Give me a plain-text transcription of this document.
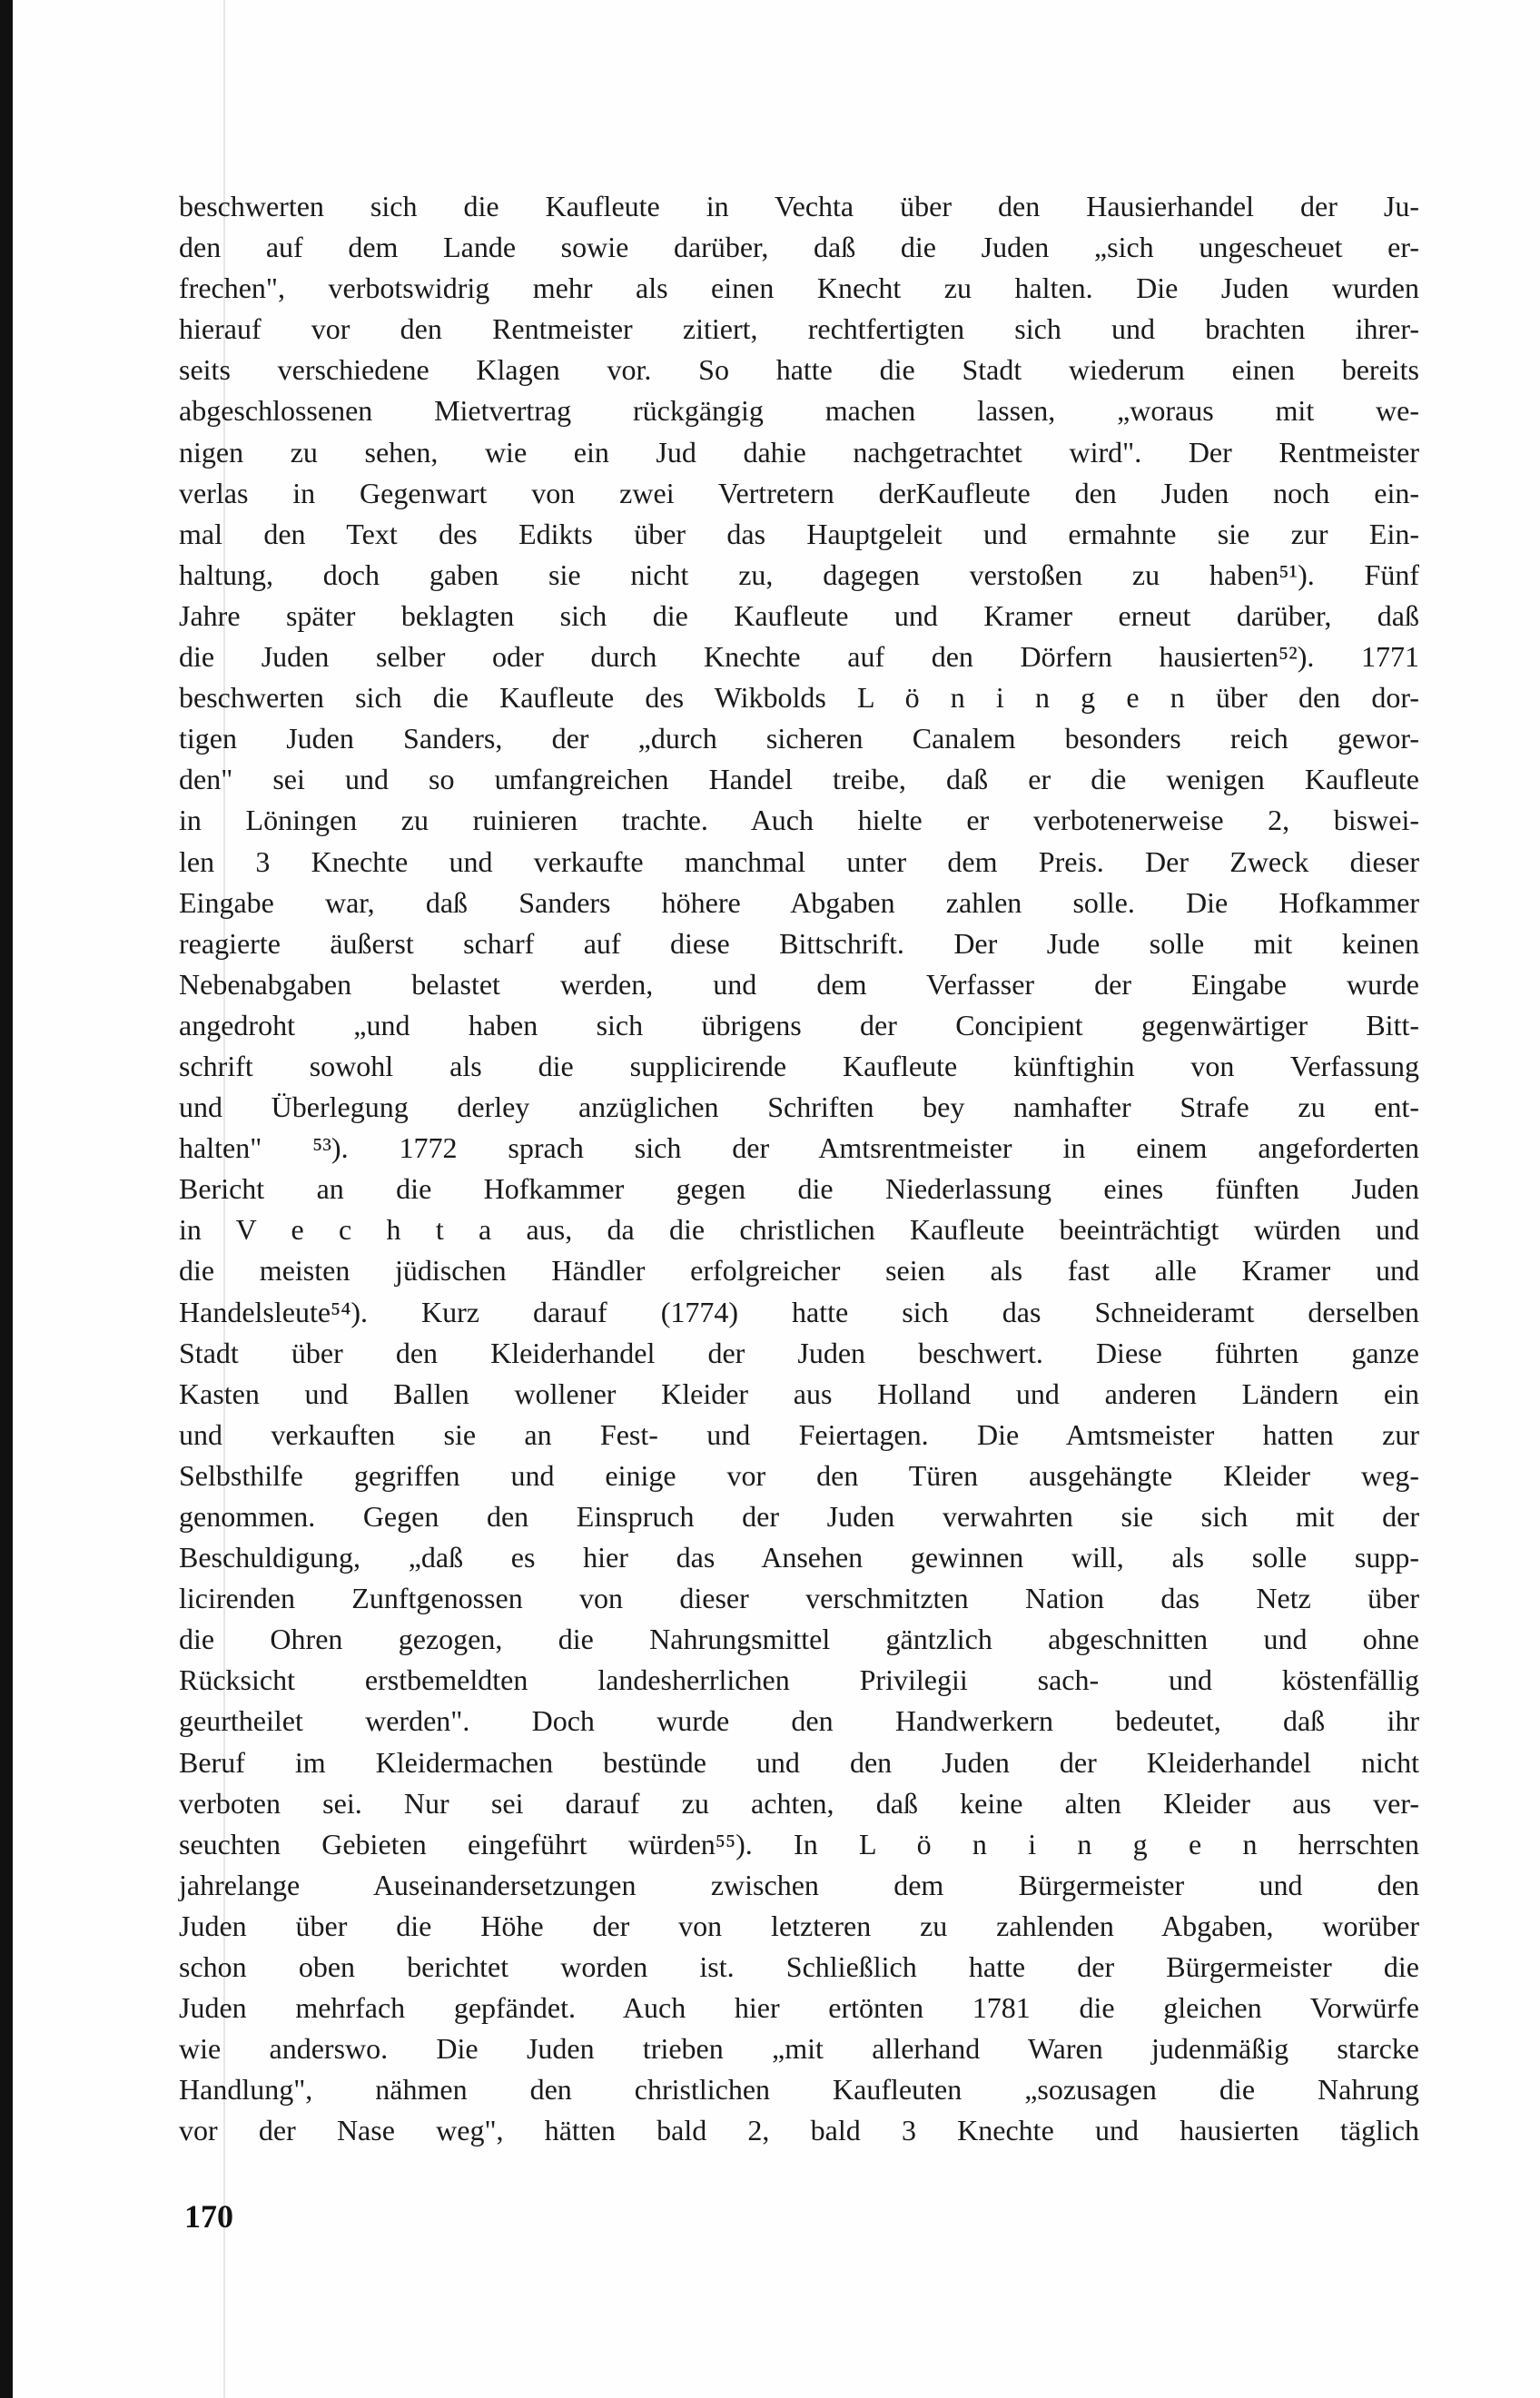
beschwerten sich die Kaufleute in Vechta über den Hausierhandel der Ju-
den auf dem Lande sowie darüber, daß die Juden „sich ungescheuet er-
frechen", verbotswidrig mehr als einen Knecht zu halten. Die Juden wurden
hierauf vor den Rentmeister zitiert, rechtfertigten sich und brachten ihrer-
seits verschiedene Klagen vor. So hatte die Stadt wiederum einen bereits
abgeschlossenen Mietvertrag rückgängig machen lassen, „woraus mit we-
nigen zu sehen, wie ein Jud dahie nachgetrachtet wird". Der Rentmeister
verlas in Gegenwart von zwei Vertretern derKaufleute den Juden noch ein-
mal den Text des Edikts über das Hauptgeleit und ermahnte sie zur Ein-
haltung, doch gaben sie nicht zu, dagegen verstoßen zu haben⁵¹). Fünf
Jahre später beklagten sich die Kaufleute und Kramer erneut darüber, daß
die Juden selber oder durch Knechte auf den Dörfern hausierten⁵²). 1771
beschwerten sich die Kaufleute des Wikbolds L ö n i n g e n über den dor-
tigen Juden Sanders, der „durch sicheren Canalem besonders reich gewor-
den" sei und so umfangreichen Handel treibe, daß er die wenigen Kaufleute
in Löningen zu ruinieren trachte. Auch hielte er verbotenerweise 2, biswei-
len 3 Knechte und verkaufte manchmal unter dem Preis. Der Zweck dieser
Eingabe war, daß Sanders höhere Abgaben zahlen solle. Die Hofkammer
reagierte äußerst scharf auf diese Bittschrift. Der Jude solle mit keinen
Nebenabgaben belastet werden, und dem Verfasser der Eingabe wurde
angedroht „und haben sich übrigens der Concipient gegenwärtiger Bitt-
schrift sowohl als die supplicirende Kaufleute künftighin von Verfassung
und Überlegung derley anzüglichen Schriften bey namhafter Strafe zu ent-
halten" ⁵³). 1772 sprach sich der Amtsrentmeister in einem angeforderten
Bericht an die Hofkammer gegen die Niederlassung eines fünften Juden
in V e c h t a aus, da die christlichen Kaufleute beeinträchtigt würden und
die meisten jüdischen Händler erfolgreicher seien als fast alle Kramer und
Handelsleute⁵⁴). Kurz darauf (1774) hatte sich das Schneideramt derselben
Stadt über den Kleiderhandel der Juden beschwert. Diese führten ganze
Kasten und Ballen wollener Kleider aus Holland und anderen Ländern ein
und verkauften sie an Fest- und Feiertagen. Die Amtsmeister hatten zur
Selbsthilfe gegriffen und einige vor den Türen ausgehängte Kleider weg-
genommen. Gegen den Einspruch der Juden verwahrten sie sich mit der
Beschuldigung, „daß es hier das Ansehen gewinnen will, als solle supp-
licirenden Zunftgenossen von dieser verschmitzten Nation das Netz über
die Ohren gezogen, die Nahrungsmittel gäntzlich abgeschnitten und ohne
Rücksicht erstbemeldten landesherrlichen Privilegii sach- und köstenfällig
geurtheilet werden". Doch wurde den Handwerkern bedeutet, daß ihr
Beruf im Kleidermachen bestünde und den Juden der Kleiderhandel nicht
verboten sei. Nur sei darauf zu achten, daß keine alten Kleider aus ver-
seuchten Gebieten eingeführt würden⁵⁵). In L ö n i n g e n herrschten
jahrelange Auseinandersetzungen zwischen dem Bürgermeister und den
Juden über die Höhe der von letzteren zu zahlenden Abgaben, worüber
schon oben berichtet worden ist. Schließlich hatte der Bürgermeister die
Juden mehrfach gepfändet. Auch hier ertönten 1781 die gleichen Vorwürfe
wie anderswo. Die Juden trieben „mit allerhand Waren judenmäßig starcke
Handlung", nähmen den christlichen Kaufleuten „sozusagen die Nahrung
vor der Nase weg", hätten bald 2, bald 3 Knechte und hausierten täglich
170
